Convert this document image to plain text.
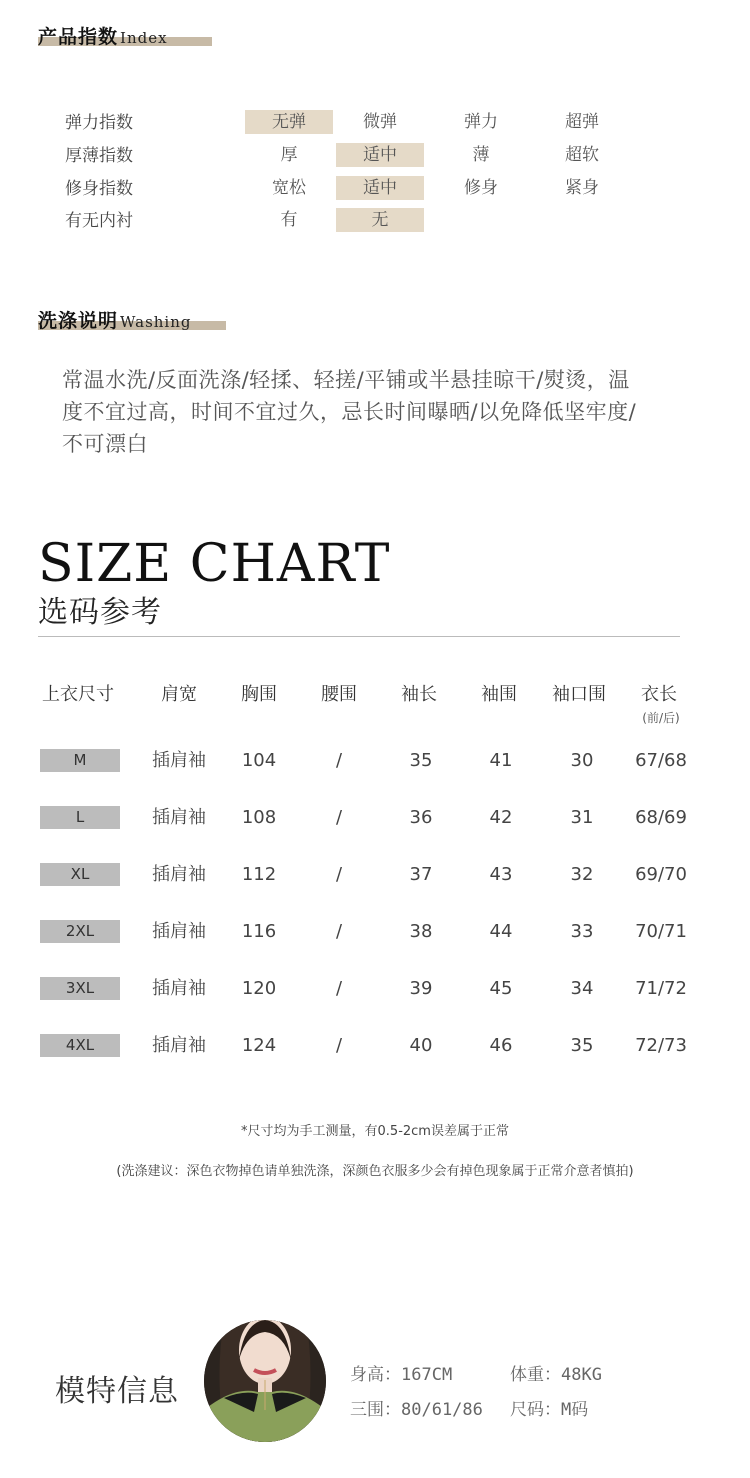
产品指数 Index
弹力指数	无弹	微弹	弹力	超弹
厚薄指数	厚	适中	薄	超软
修身指数	宽松	适中	修身	紧身
有无内衬	有	无
洗涤说明 Washing
常温水洗/反面洗涤/轻揉、轻搓/平铺或半悬挂晾干/熨烫，温
度不宜过高，时间不宜过久，忌长时间曝晒/以免降低坚牢度/
不可漂白
SIZE CHART
选码参考
上衣尺寸	肩宽	胸围	腰围	袖长	袖围	袖口围	衣长
(前/后)
M	插肩袖	104	/	35	41	30	67/68
L	插肩袖	108	/	36	42	31	68/69
XL	插肩袖	112	/	37	43	32	69/70
2XL	插肩袖	116	/	38	44	33	70/71
3XL	插肩袖	120	/	39	45	34	71/72
4XL	插肩袖	124	/	40	46	35	72/73
*尺寸均为手工测量，有0.5-2cm误差属于正常
(洗涤建议：深色衣物掉色请单独洗涤，深颜色衣服多少会有掉色现象属于正常介意者慎拍)
模特信息	身高：167CM	体重：48KG
三围：80/61/86 尺码：M码
